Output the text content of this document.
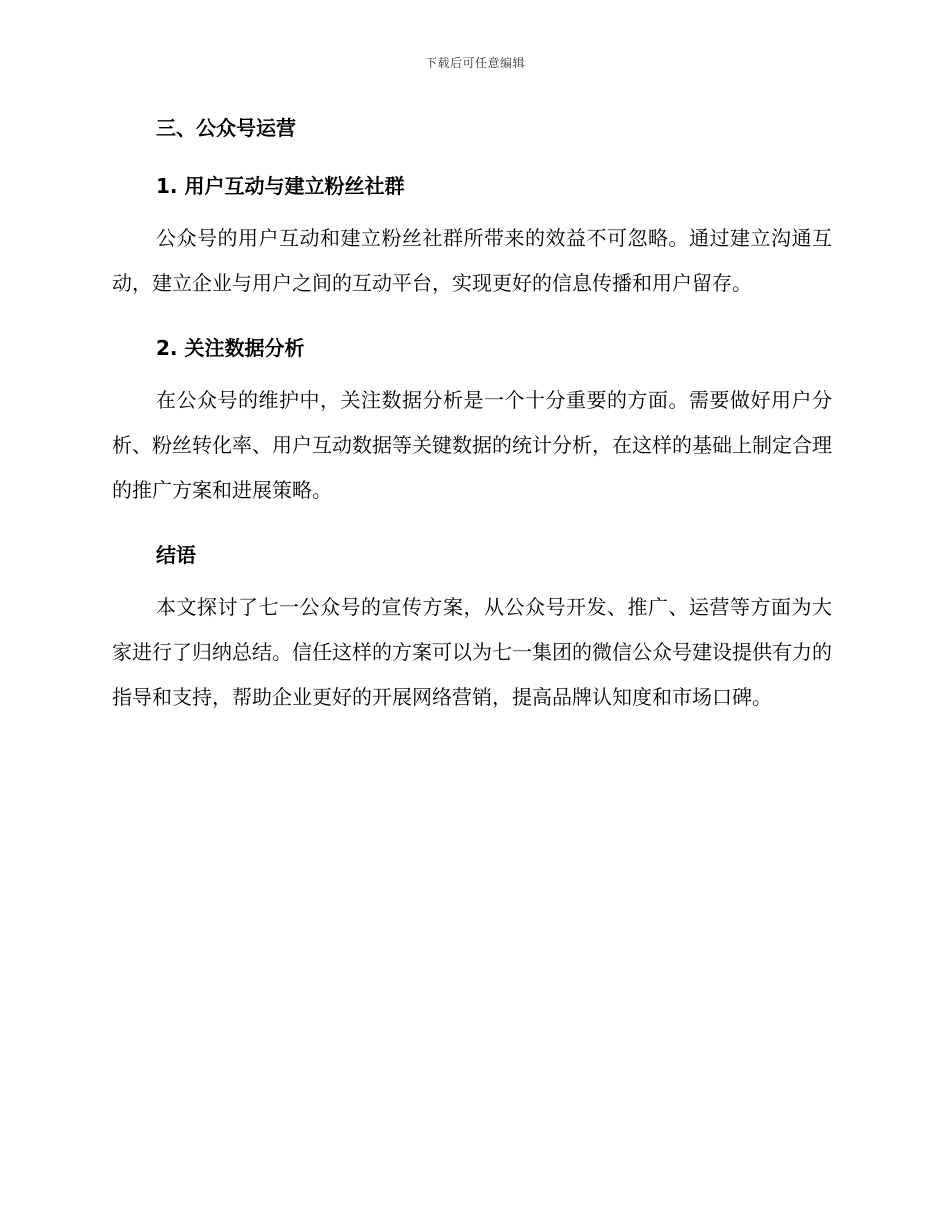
下载后可任意编辑
三、公众号运营
1. 用户互动与建立粉丝社群

公众号的用户互动和建立粉丝社群所带来的效益不可忽略。通过建立沟通互动，建立企业与用户之间的互动平台，实现更好的信息传播和用户留存。

2. 关注数据分析

在公众号的维护中，关注数据分析是一个十分重要的方面。需要做好用户分析、粉丝转化率、用户互动数据等关键数据的统计分析，在这样的基础上制定合理的推广方案和进展策略。

结语

本文探讨了七一公众号的宣传方案，从公众号开发、推广、运营等方面为大家进行了归纳总结。信任这样的方案可以为七一集团的微信公众号建设提供有力的指导和支持，帮助企业更好的开展网络营销，提高品牌认知度和市场口碑。
